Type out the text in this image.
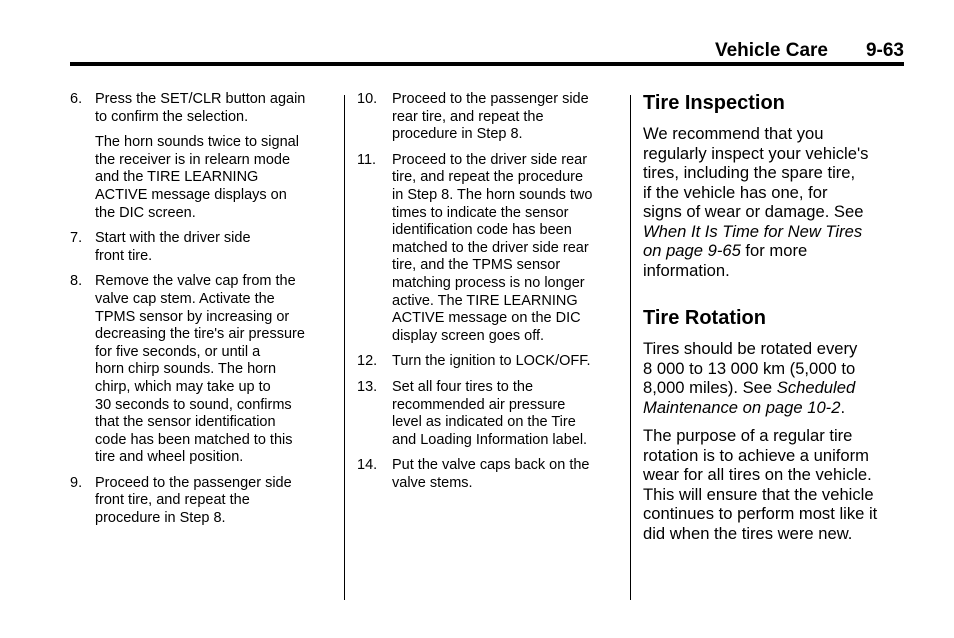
Vehicle Care 9-63
6. Press the SET/CLR button again
to confirm the selection.
The horn sounds twice to signal
the receiver is in relearn mode
and the TIRE LEARNING
ACTIVE message displays on
the DIC screen.
7. Start with the driver side
front tire.
8. Remove the valve cap from the
valve cap stem. Activate the
TPMS sensor by increasing or
decreasing the tire's air pressure
for five seconds, or until a
horn chirp sounds. The horn
chirp, which may take up to
30 seconds to sound, confirms
that the sensor identification
code has been matched to this
tire and wheel position.
9. Proceed to the passenger side
front tire, and repeat the
procedure in Step 8.
10. Proceed to the passenger side
rear tire, and repeat the
procedure in Step 8.
11. Proceed to the driver side rear
tire, and repeat the procedure
in Step 8. The horn sounds two
times to indicate the sensor
identification code has been
matched to the driver side rear
tire, and the TPMS sensor
matching process is no longer
active. The TIRE LEARNING
ACTIVE message on the DIC
display screen goes off.
12. Turn the ignition to LOCK/OFF.
13. Set all four tires to the
recommended air pressure
level as indicated on the Tire
and Loading Information label.
14. Put the valve caps back on the
valve stems.
Tire Inspection

We recommend that you
regularly inspect your vehicle's
tires, including the spare tire,
if the vehicle has one, for
signs of wear or damage. See
When It Is Time for New Tires
on page 9-65 for more
information.

Tire Rotation

Tires should be rotated every
8 000 to 13 000 km (5,000 to
8,000 miles). See Scheduled
Maintenance on page 10-2.

The purpose of a regular tire
rotation is to achieve a uniform
wear for all tires on the vehicle.
This will ensure that the vehicle
continues to perform most like it
did when the tires were new.
